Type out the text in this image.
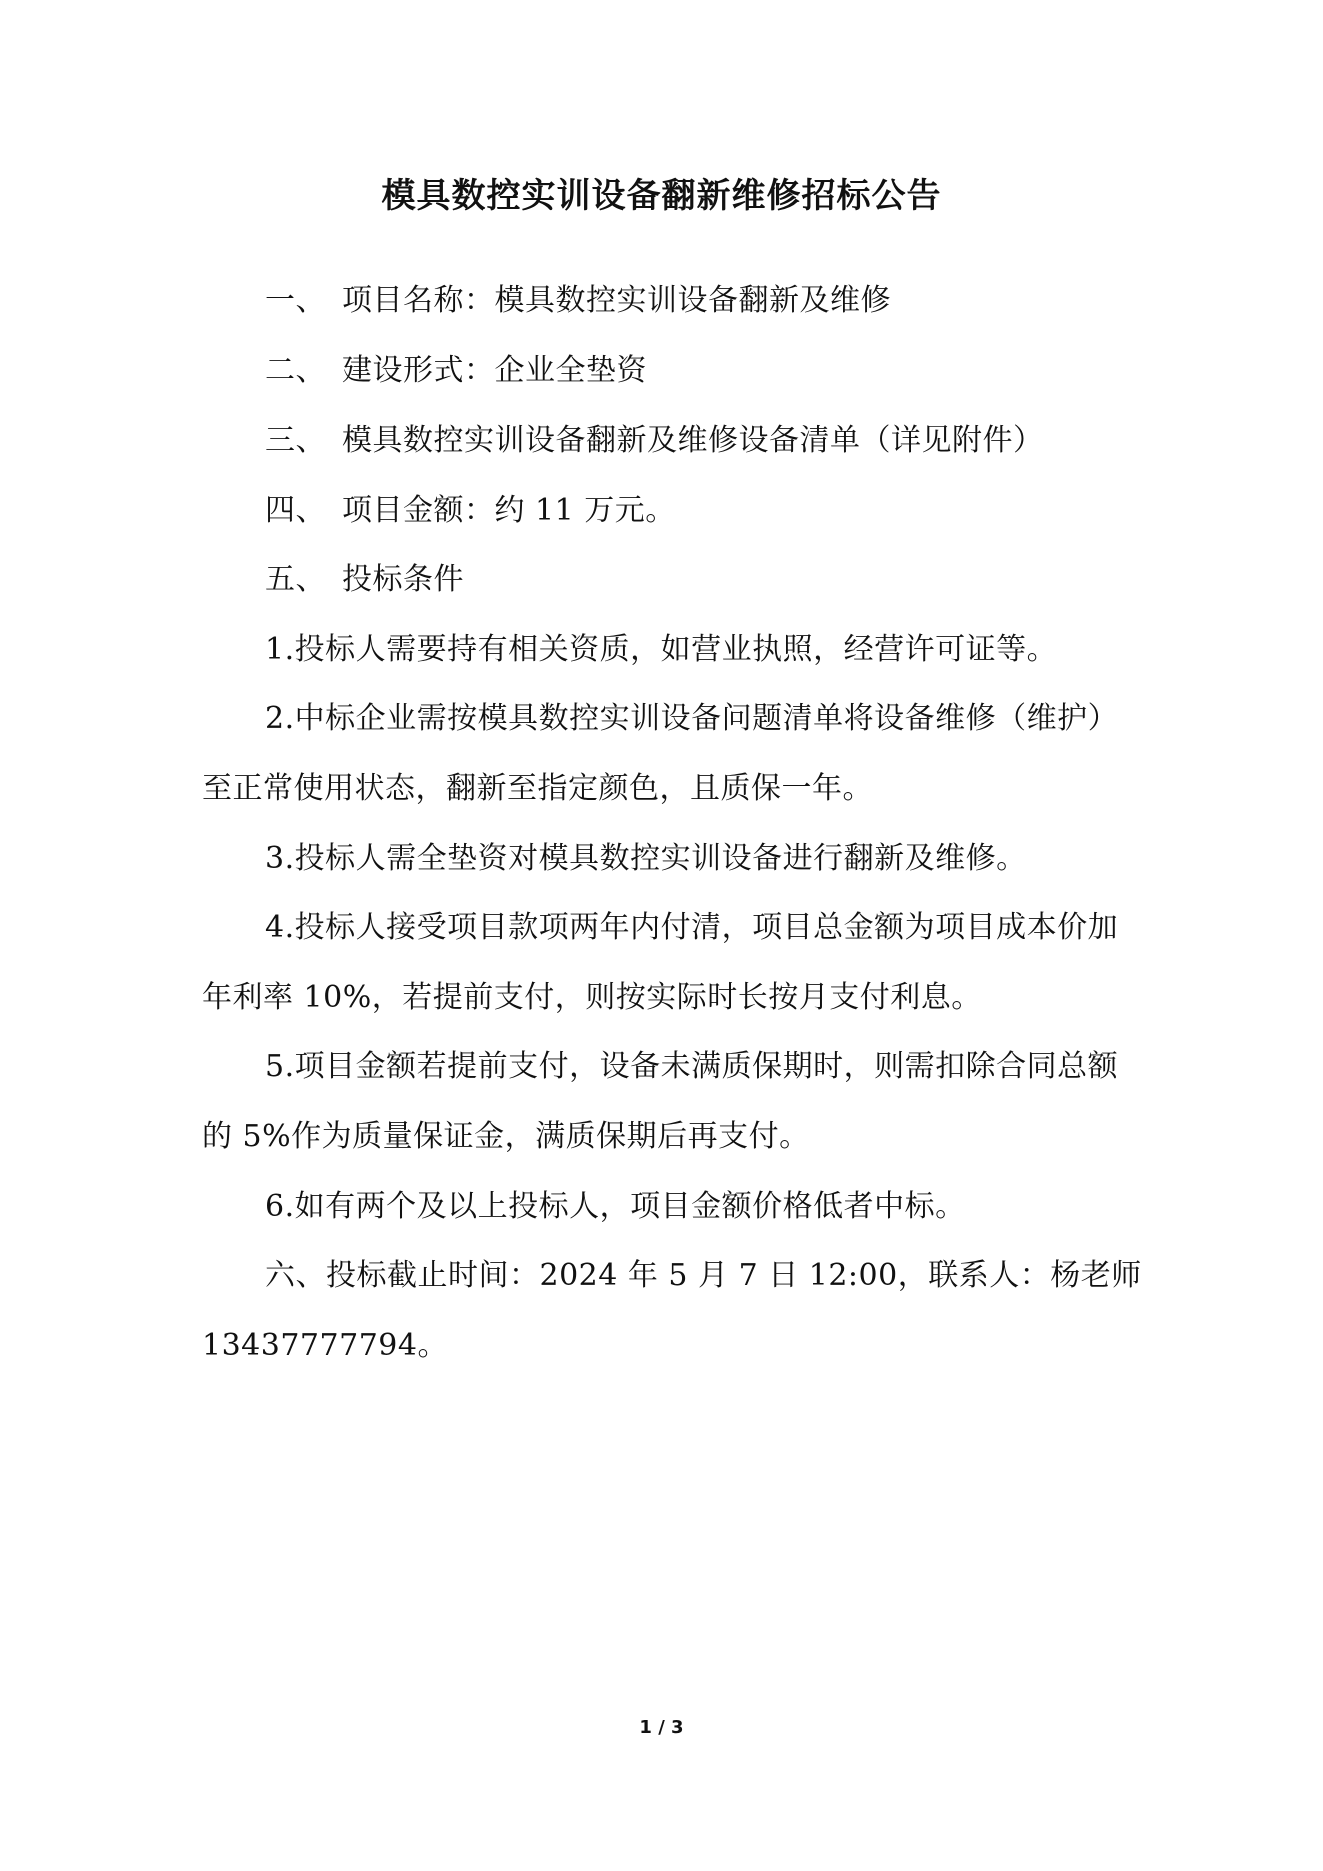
模具数控实训设备翻新维修招标公告
一、 项目名称：模具数控实训设备翻新及维修
二、 建设形式：企业全垫资
三、 模具数控实训设备翻新及维修设备清单（详见附件）
四、 项目金额：约 11 万元。
五、 投标条件
1.投标人需要持有相关资质，如营业执照，经营许可证等。
2.中标企业需按模具数控实训设备问题清单将设备维修（维护）
至正常使用状态，翻新至指定颜色，且质保一年。
3.投标人需全垫资对模具数控实训设备进行翻新及维修。
4.投标人接受项目款项两年内付清，项目总金额为项目成本价加
年利率 10%，若提前支付，则按实际时长按月支付利息。
5.项目金额若提前支付，设备未满质保期时，则需扣除合同总额
的 5%作为质量保证金，满质保期后再支付。
6.如有两个及以上投标人，项目金额价格低者中标。
六、投标截止时间：2024 年 5 月 7 日 12:00，联系人：杨老师
13437777794。
1 / 3
